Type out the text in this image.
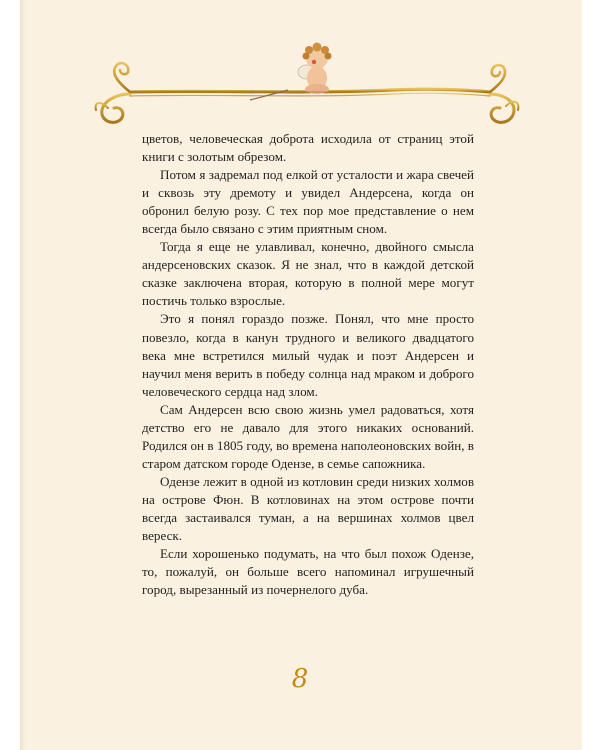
цветов, человеческая доброта исходила от страниц этой книги с золотым обрезом.

Потом я задремал под елкой от усталости и жара свечей и сквозь эту дремоту и увидел Андерсена, когда он обронил белую розу. С тех пор мое представление о нем всегда было связано с этим приятным сном.

Тогда я еще не улавливал, конечно, двойного смысла андерсеновских сказок. Я не знал, что в каждой детской сказке заключена вторая, которую в полной мере могут постичь только взрослые.

Это я понял гораздо позже. Понял, что мне просто повезло, когда в канун трудного и великого двадцатого века мне встретился милый чудак и поэт Андерсен и научил меня верить в победу солнца над мраком и доброго человеческого сердца над злом.

Сам Андерсен всю свою жизнь умел радоваться, хотя детство его не давало для этого никаких оснований. Родился он в 1805 году, во времена наполеоновских войн, в старом датском городе Одензе, в семье сапожника.

Одензе лежит в одной из котловин среди низких холмов на острове Фюн. В котловинах на этом острове почти всегда застаивался туман, а на вершинах холмов цвел вереск.

Если хорошенько подумать, на что был похож Одензе, то, пожалуй, он больше всего напоминал игрушечный город, вырезанный из почернелого дуба.

8
